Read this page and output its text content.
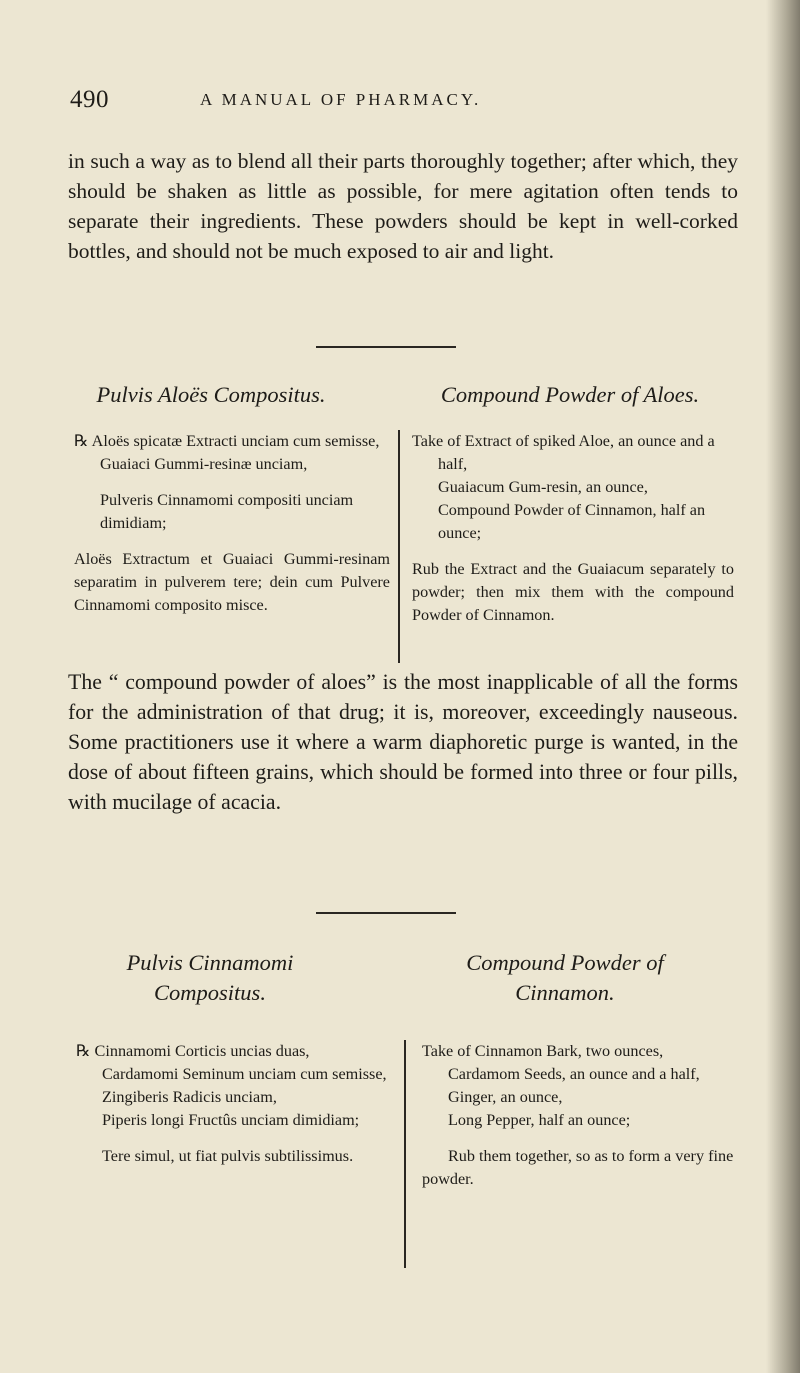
490	A MANUAL OF PHARMACY.
in such a way as to blend all their parts thoroughly together; after which, they should be shaken as little as possible, for mere agitation often tends to separate their ingredients. These powders should be kept in well-corked bottles, and should not be much exposed to air and light.
Pulvis Aloës Compositus.	Compound Powder of Aloes.

℞ Aloës spicatæ Extracti unciam cum semisse,

Guaiaci Gummi-resinæ unciam,

Pulveris Cinnamomi compositi unciam dimidiam;

Aloës Extractum et Guaiaci Gummi-resinam separatim in pulverem tere; dein cum Pulvere Cinnamomi composito misce.

Take of Extract of spiked Aloe, an ounce and a half,

Guaiacum Gum-resin, an ounce,

Compound Powder of Cinnamon, half an ounce;

Rub the Extract and the Guaiacum separately to powder; then mix them with the compound Powder of Cinnamon.

The “ compound powder of aloes” is the most inapplicable of all the forms for the administration of that drug; it is, moreover, exceedingly nauseous. Some practitioners use it where a warm diaphoretic purge is wanted, in the dose of about fifteen grains, which should be formed into three or four pills, with mucilage of acacia.

Pulvis Cinnamomi
Compositus.
Compound Powder of
Cinnamon.

℞ Cinnamomi Corticis uncias duas,

Cardamomi Seminum unciam cum semisse,

Zingiberis Radicis unciam,

Piperis longi Fructûs unciam dimidiam;

Tere simul, ut fiat pulvis subtilissimus.

Take of Cinnamon Bark, two ounces,

Cardamom Seeds, an ounce and a half,

Ginger, an ounce,

Long Pepper, half an ounce;

Rub them together, so as to form a very fine powder.
